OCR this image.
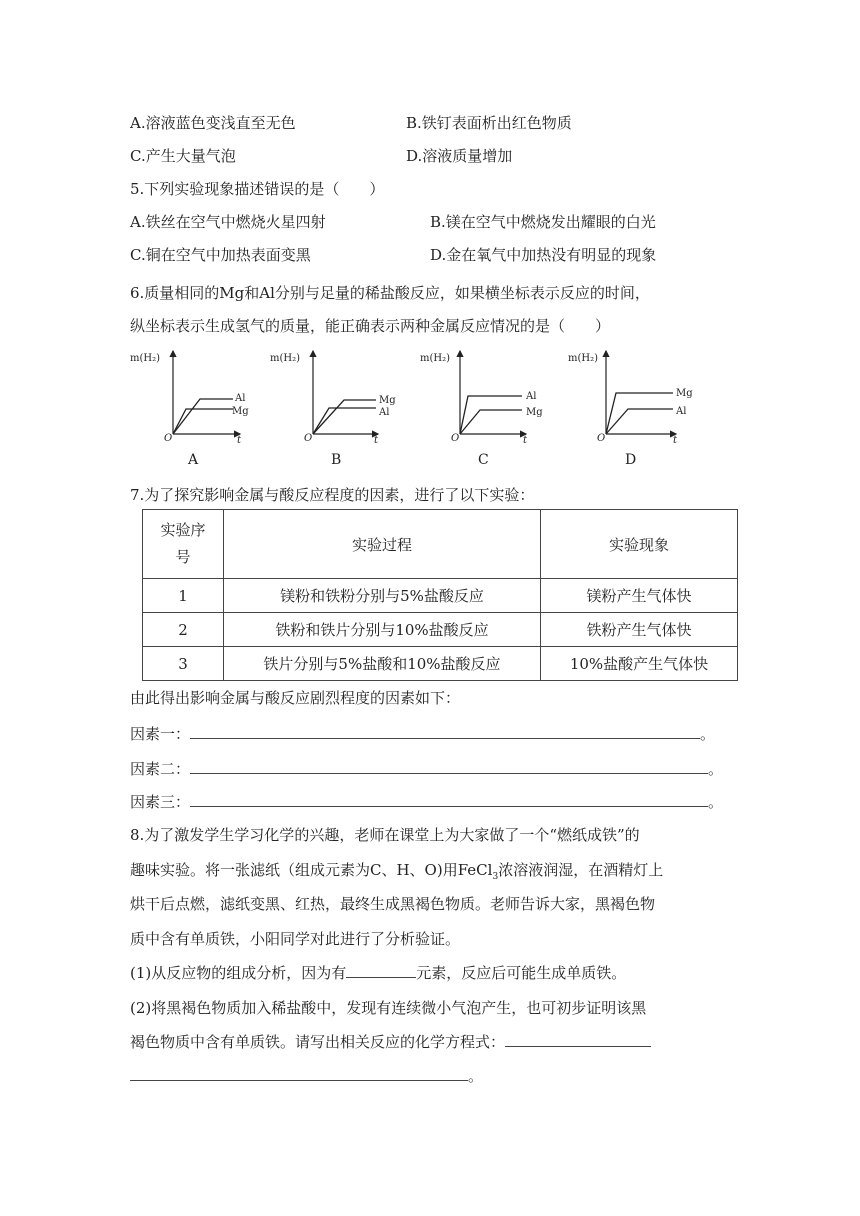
A.溶液蓝色变浅直至无色	B.铁钉表面析出红色物质
C.产生大量气泡	D.溶液质量增加
5.下列实验现象描述错误的是（　　）
A.铁丝在空气中燃烧火星四射	B.镁在空气中燃烧发出耀眼的白光
C.铜在空气中加热表面变黑	D.金在氧气中加热没有明显的现象
6.质量相同的Mg和Al分别与足量的稀盐酸反应，如果横坐标表示反应的时间，
纵坐标表示生成氢气的质量，能正确表示两种金属反应情况的是（　　）
m(H₂)
O	t
Al
Mg
A
m(H₂)
O	t
Mg
Al
B
m(H₂)
O	t
Al
Mg
C
m(H₂)
O	t
Mg
Al
D
7.为了探究影响金属与酸反应程度的因素，进行了以下实验：
实验序
号	实验过程	实验现象
1	镁粉和铁粉分别与5%盐酸反应	镁粉产生气体快
2	铁粉和铁片分别与10%盐酸反应	铁粉产生气体快
3	铁片分别与5%盐酸和10%盐酸反应	10%盐酸产生气体快
由此得出影响金属与酸反应剧烈程度的因素如下：
因素一：	。
因素二：	。
因素三：	。
8.为了激发学生学习化学的兴趣，老师在课堂上为大家做了一个“燃纸成铁”的
趣味实验。将一张滤纸（组成元素为C、H、O)用FeCl$_3$浓溶液润湿，在酒精灯上
烘干后点燃，滤纸变黑、红热，最终生成黑褐色物质。老师告诉大家，黑褐色物
质中含有单质铁，小阳同学对此进行了分析验证。
(1)从反应物的组成分析，因为有	元素，反应后可能生成单质铁。
(2)将黑褐色物质加入稀盐酸中，发现有连续微小气泡产生，也可初步证明该黑
褐色物质中含有单质铁。请写出相关反应的化学方程式：
。
